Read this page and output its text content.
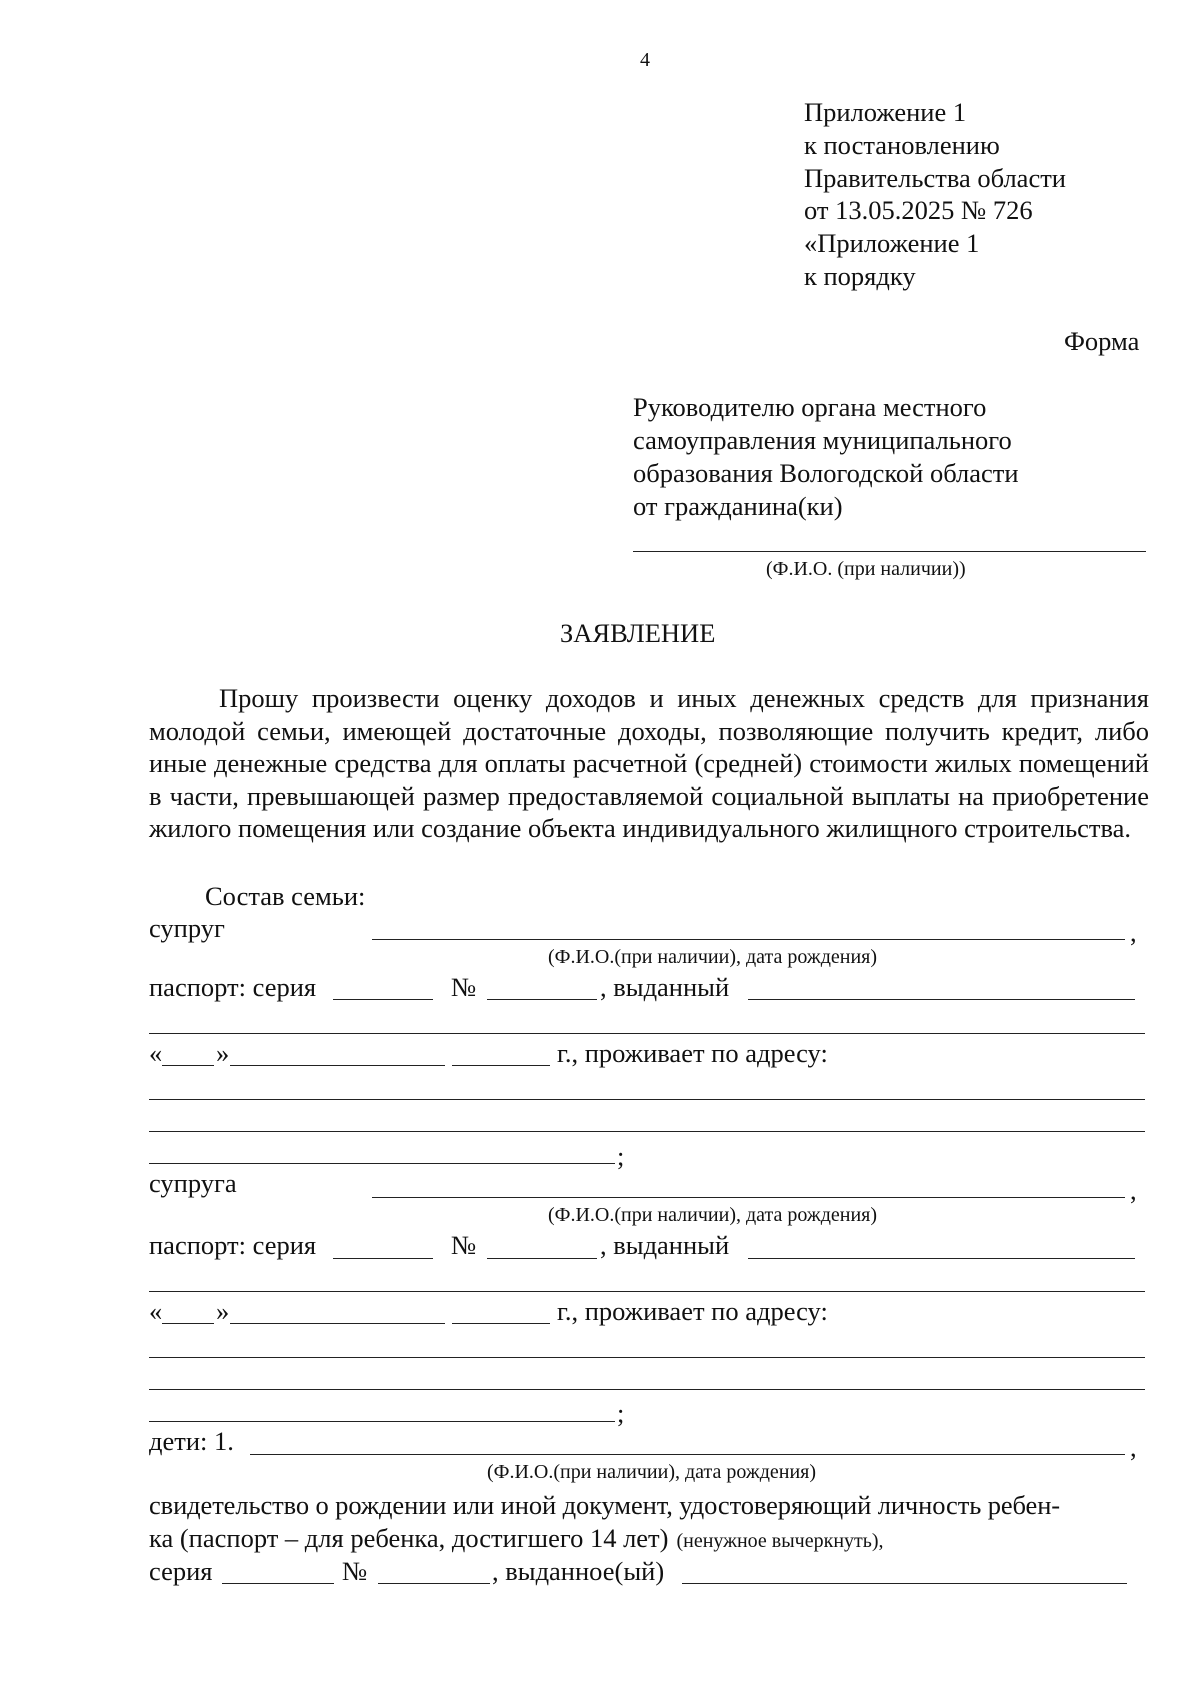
4
Приложение 1
к постановлению
Правительства области
от 13.05.2025 № 726
«Приложение 1
к порядку
Форма
Руководителю органа местного
самоуправления муниципального
образования Вологодской области
от гражданина(ки)
(Ф.И.О. (при наличии))
ЗАЯВЛЕНИЕ

Прошу произвести оценку доходов и иных денежных средств для признания молодой семьи, имеющей достаточные доходы, позволяющие получить кредит, либо иные денежные средства для оплаты расчетной (средней) стоимости жилых помещений в части, превышающей размер предоставляемой социальной выплаты на приобретение жилого помещения или создание объекта индивидуального жилищного строительства.

Состав семьи:
супруг	,
(Ф.И.О.(при наличии), дата рождения)
паспорт: серия	№	, выданный
« »	г., проживает по адресу:
;
супруга	,
(Ф.И.О.(при наличии), дата рождения)
паспорт: серия	№	, выданный
« »	г., проживает по адресу:
;
дети: 1.	,
(Ф.И.О.(при наличии), дата рождения)
свидетельство о рождении или иной документ, удостоверяющий личность ребен-
ка (паспорт – для ребенка, достигшего 14 лет) (ненужное вычеркнуть),
серия	№	, выданное(ый)
